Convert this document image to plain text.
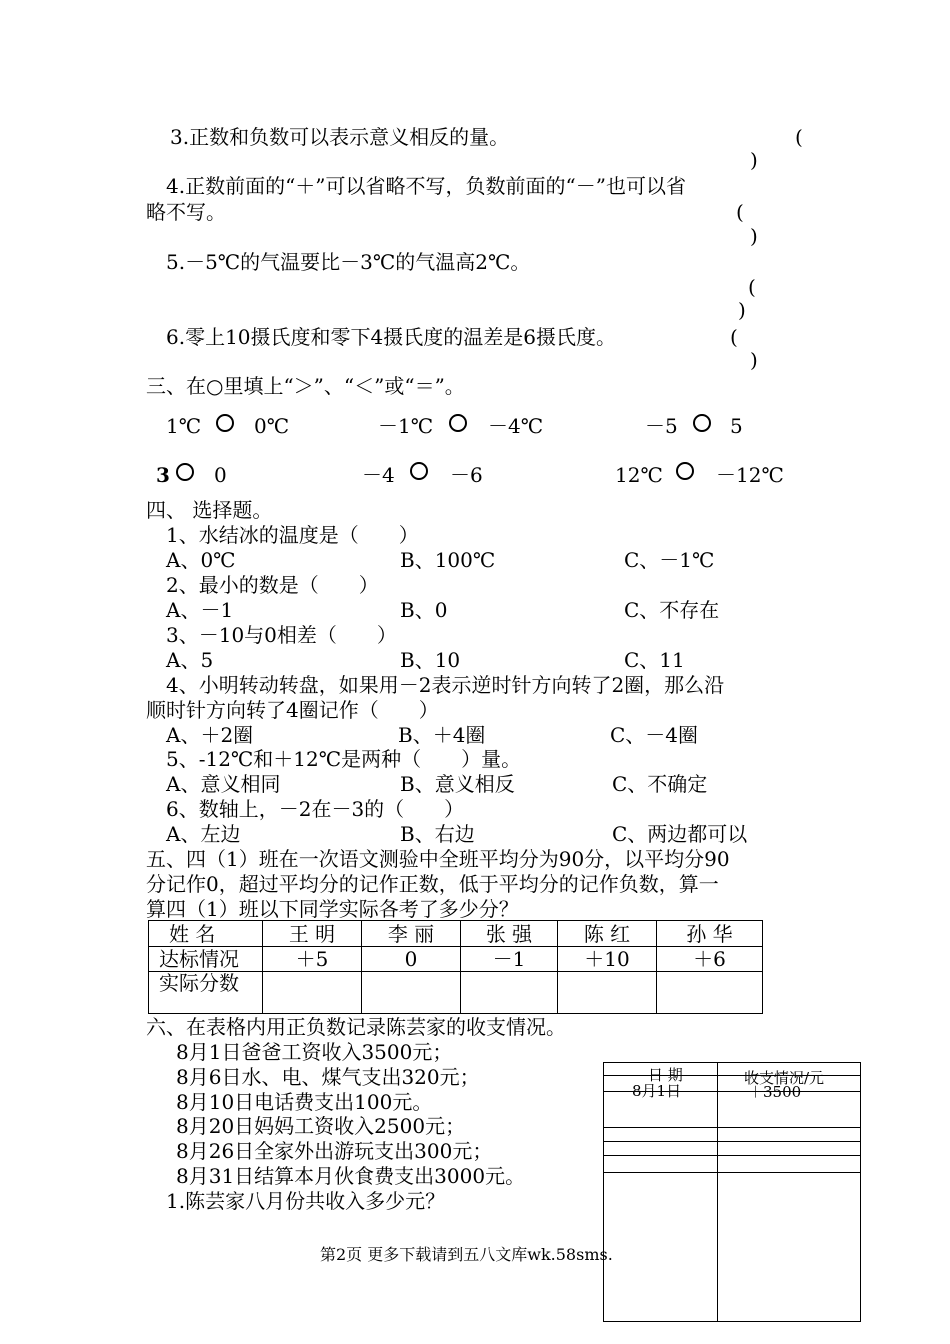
3.正数和负数可以表示意义相反的量。	(
)
4.正数前面的“＋”可以省略不写，负数前面的“－”也可以省
略不写。	(
)
5.－5℃的气温要比－3℃的气温高2℃。
(
)
6.零上10摄氏度和零下4摄氏度的温差是6摄氏度。	(
)
三、在○里填上“＞”、“＜”或“＝”。
1℃	0℃	－1℃	－4℃	－5	5
3 0	－4	－6	12℃	－12℃
四、 选择题。
1、水结冰的温度是（　　）
A、0℃	B、100℃	C、－1℃
2、最小的数是（　　）
A、－1	B、0	C、不存在
3、－10与0相差（　　）
A、5	B、10	C、11
4、小明转动转盘，如果用－2表示逆时针方向转了2圈，那么沿
顺时针方向转了4圈记作（　　）
A、＋2圈	B、＋4圈	C、－4圈
5、-12℃和＋12℃是两种（　　）量。
A、意义相同	B、意义相反	C、不确定
6、数轴上，－2在－3的（　　）
A、左边	B、右边	C、两边都可以
五、四（1）班在一次语文测验中全班平均分为90分，以平均分90
分记作0，超过平均分的记作正数，低于平均分的记作负数，算一
算四（1）班以下同学实际各考了多少分？
姓 名	王 明	李 丽	张 强	陈 红	孙 华
达标情况	＋5	0	－1	＋10	＋6
实际分数					
六、在表格内用正负数记录陈芸家的收支情况。
8月1日爸爸工资收入3500元；
8月6日水、电、煤气支出320元；
8月10日电话费支出100元。
8月20日妈妈工资收入2500元；
8月26日全家外出游玩支出300元；
8月31日结算本月伙食费支出3000元。
1.陈芸家八月份共收入多少元？
日 期	收支情况/元
8月1日	＋3500
第2页 更多下载请到五八文库wk.58sms.
